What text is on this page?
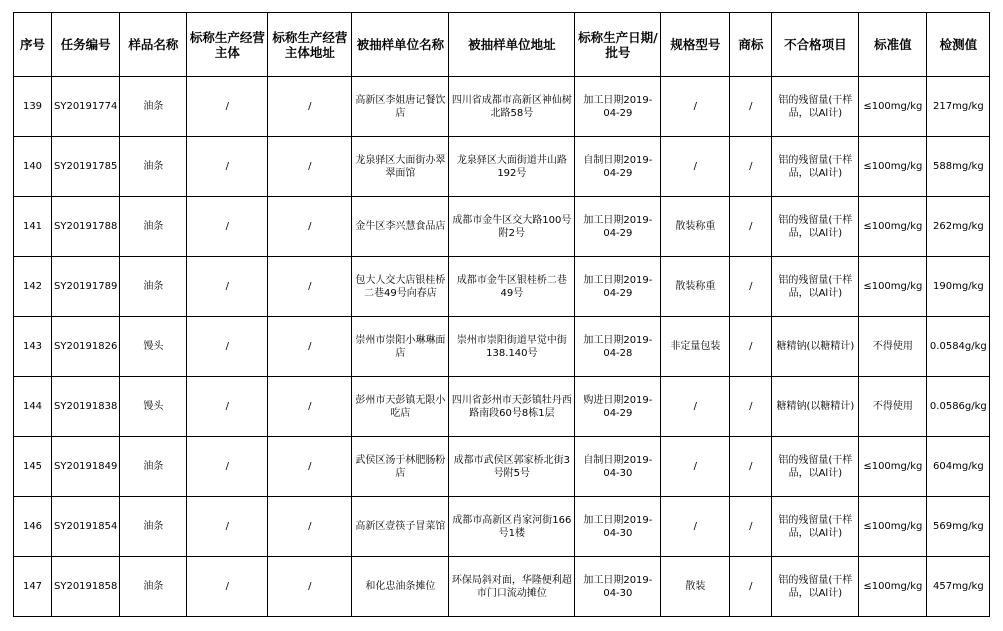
序号	任务编号	样品名称	标称生产经营主体	标称生产经营主体地址	被抽样单位名称	被抽样单位地址	标称生产日期/批号	规格型号	商标	不合格项目	标准值	检测值
139	SY20191774	油条	/	/	高新区李姐唐记餐饮店	四川省成都市高新区神仙树北路58号	加工日期2019-04-29	/	/	铝的残留量(干样品，以Al计)	≤100mg/kg	217mg/kg
140	SY20191785	油条	/	/	龙泉驿区大面街办翠翠面馆	龙泉驿区大面街道井山路192号	自制日期2019-04-29	/	/	铝的残留量(干样品，以Al计)	≤100mg/kg	588mg/kg
141	SY20191788	油条	/	/	金牛区李兴慧食品店	成都市金牛区交大路100号附2号	加工日期2019-04-29	散装称重	/	铝的残留量(干样品，以Al计)	≤100mg/kg	262mg/kg
142	SY20191789	油条	/	/	包大人交大店银桂桥二巷49号向春店	成都市金牛区银桂桥二巷49号	加工日期2019-04-29	散装称重	/	铝的残留量(干样品，以Al计)	≤100mg/kg	190mg/kg
143	SY20191826	馒头	/	/	崇州市崇阳小琳琳面店	崇州市崇阳街道早觉中街138.140号	加工日期2019-04-28	非定量包装	/	糖精钠(以糖精计)	不得使用	0.0584g/kg
144	SY20191838	馒头	/	/	彭州市天彭镇无限小吃店	四川省彭州市天彭镇牡丹西路南段60号8栋1层	购进日期2019-04-29	/	/	糖精钠(以糖精计)	不得使用	0.0586g/kg
145	SY20191849	油条	/	/	武侯区汤于林肥肠粉店	成都市武侯区郭家桥北街3号附5号	自制日期2019-04-30	/	/	铝的残留量(干样品，以Al计)	≤100mg/kg	604mg/kg
146	SY20191854	油条	/	/	高新区壹筷子冒菜馆	成都市高新区肖家河街166号1楼	加工日期2019-04-30	/	/	铝的残留量(干样品，以Al计)	≤100mg/kg	569mg/kg
147	SY20191858	油条	/	/	和化忠油条摊位	环保局斜对面，华隆便利超市门口流动摊位	加工日期2019-04-30	散装	/	铝的残留量(干样品，以Al计)	≤100mg/kg	457mg/kg
